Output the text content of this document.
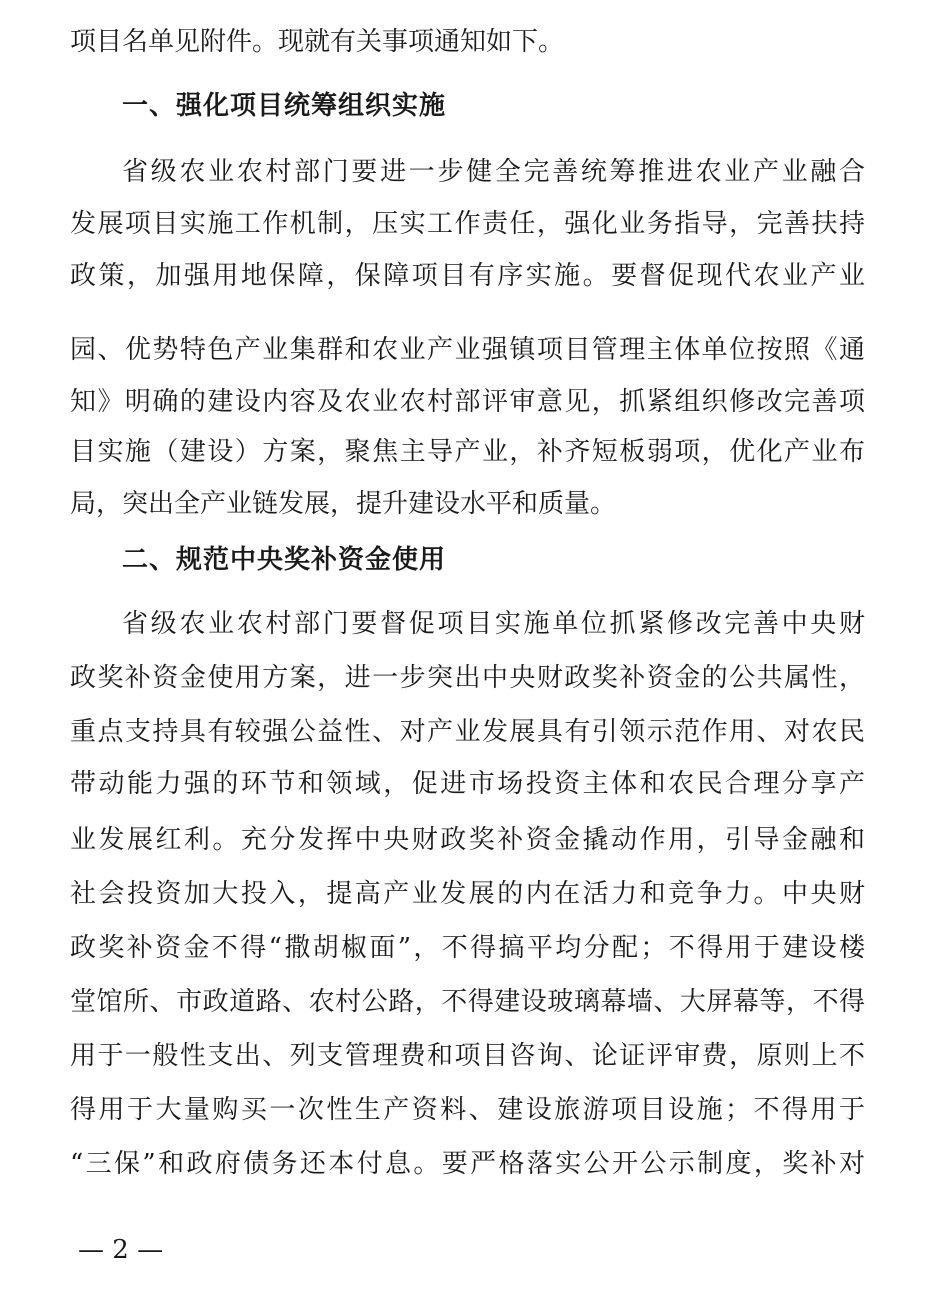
项目名单见附件。现就有关事项通知如下。
一、强化项目统筹组织实施
省级农业农村部门要进一步健全完善统筹推进农业产业融合
发展项目实施工作机制，压实工作责任，强化业务指导，完善扶持
政策，加强用地保障，保障项目有序实施。要督促现代农业产业
园、优势特色产业集群和农业产业强镇项目管理主体单位按照《通
知》明确的建设内容及农业农村部评审意见，抓紧组织修改完善项
目实施（建设）方案，聚焦主导产业，补齐短板弱项，优化产业布
局，突出全产业链发展，提升建设水平和质量。
二、规范中央奖补资金使用
省级农业农村部门要督促项目实施单位抓紧修改完善中央财
政奖补资金使用方案，进一步突出中央财政奖补资金的公共属性，
重点支持具有较强公益性、对产业发展具有引领示范作用、对农民
带动能力强的环节和领域，促进市场投资主体和农民合理分享产
业发展红利。充分发挥中央财政奖补资金撬动作用，引导金融和
社会投资加大投入，提高产业发展的内在活力和竞争力。中央财
政奖补资金不得“撒胡椒面”，不得搞平均分配；不得用于建设楼
堂馆所、市政道路、农村公路，不得建设玻璃幕墙、大屏幕等，不得
用于一般性支出、列支管理费和项目咨询、论证评审费，原则上不
得用于大量购买一次性生产资料、建设旅游项目设施；不得用于
“三保”和政府债务还本付息。要严格落实公开公示制度，奖补对
— 2 —
